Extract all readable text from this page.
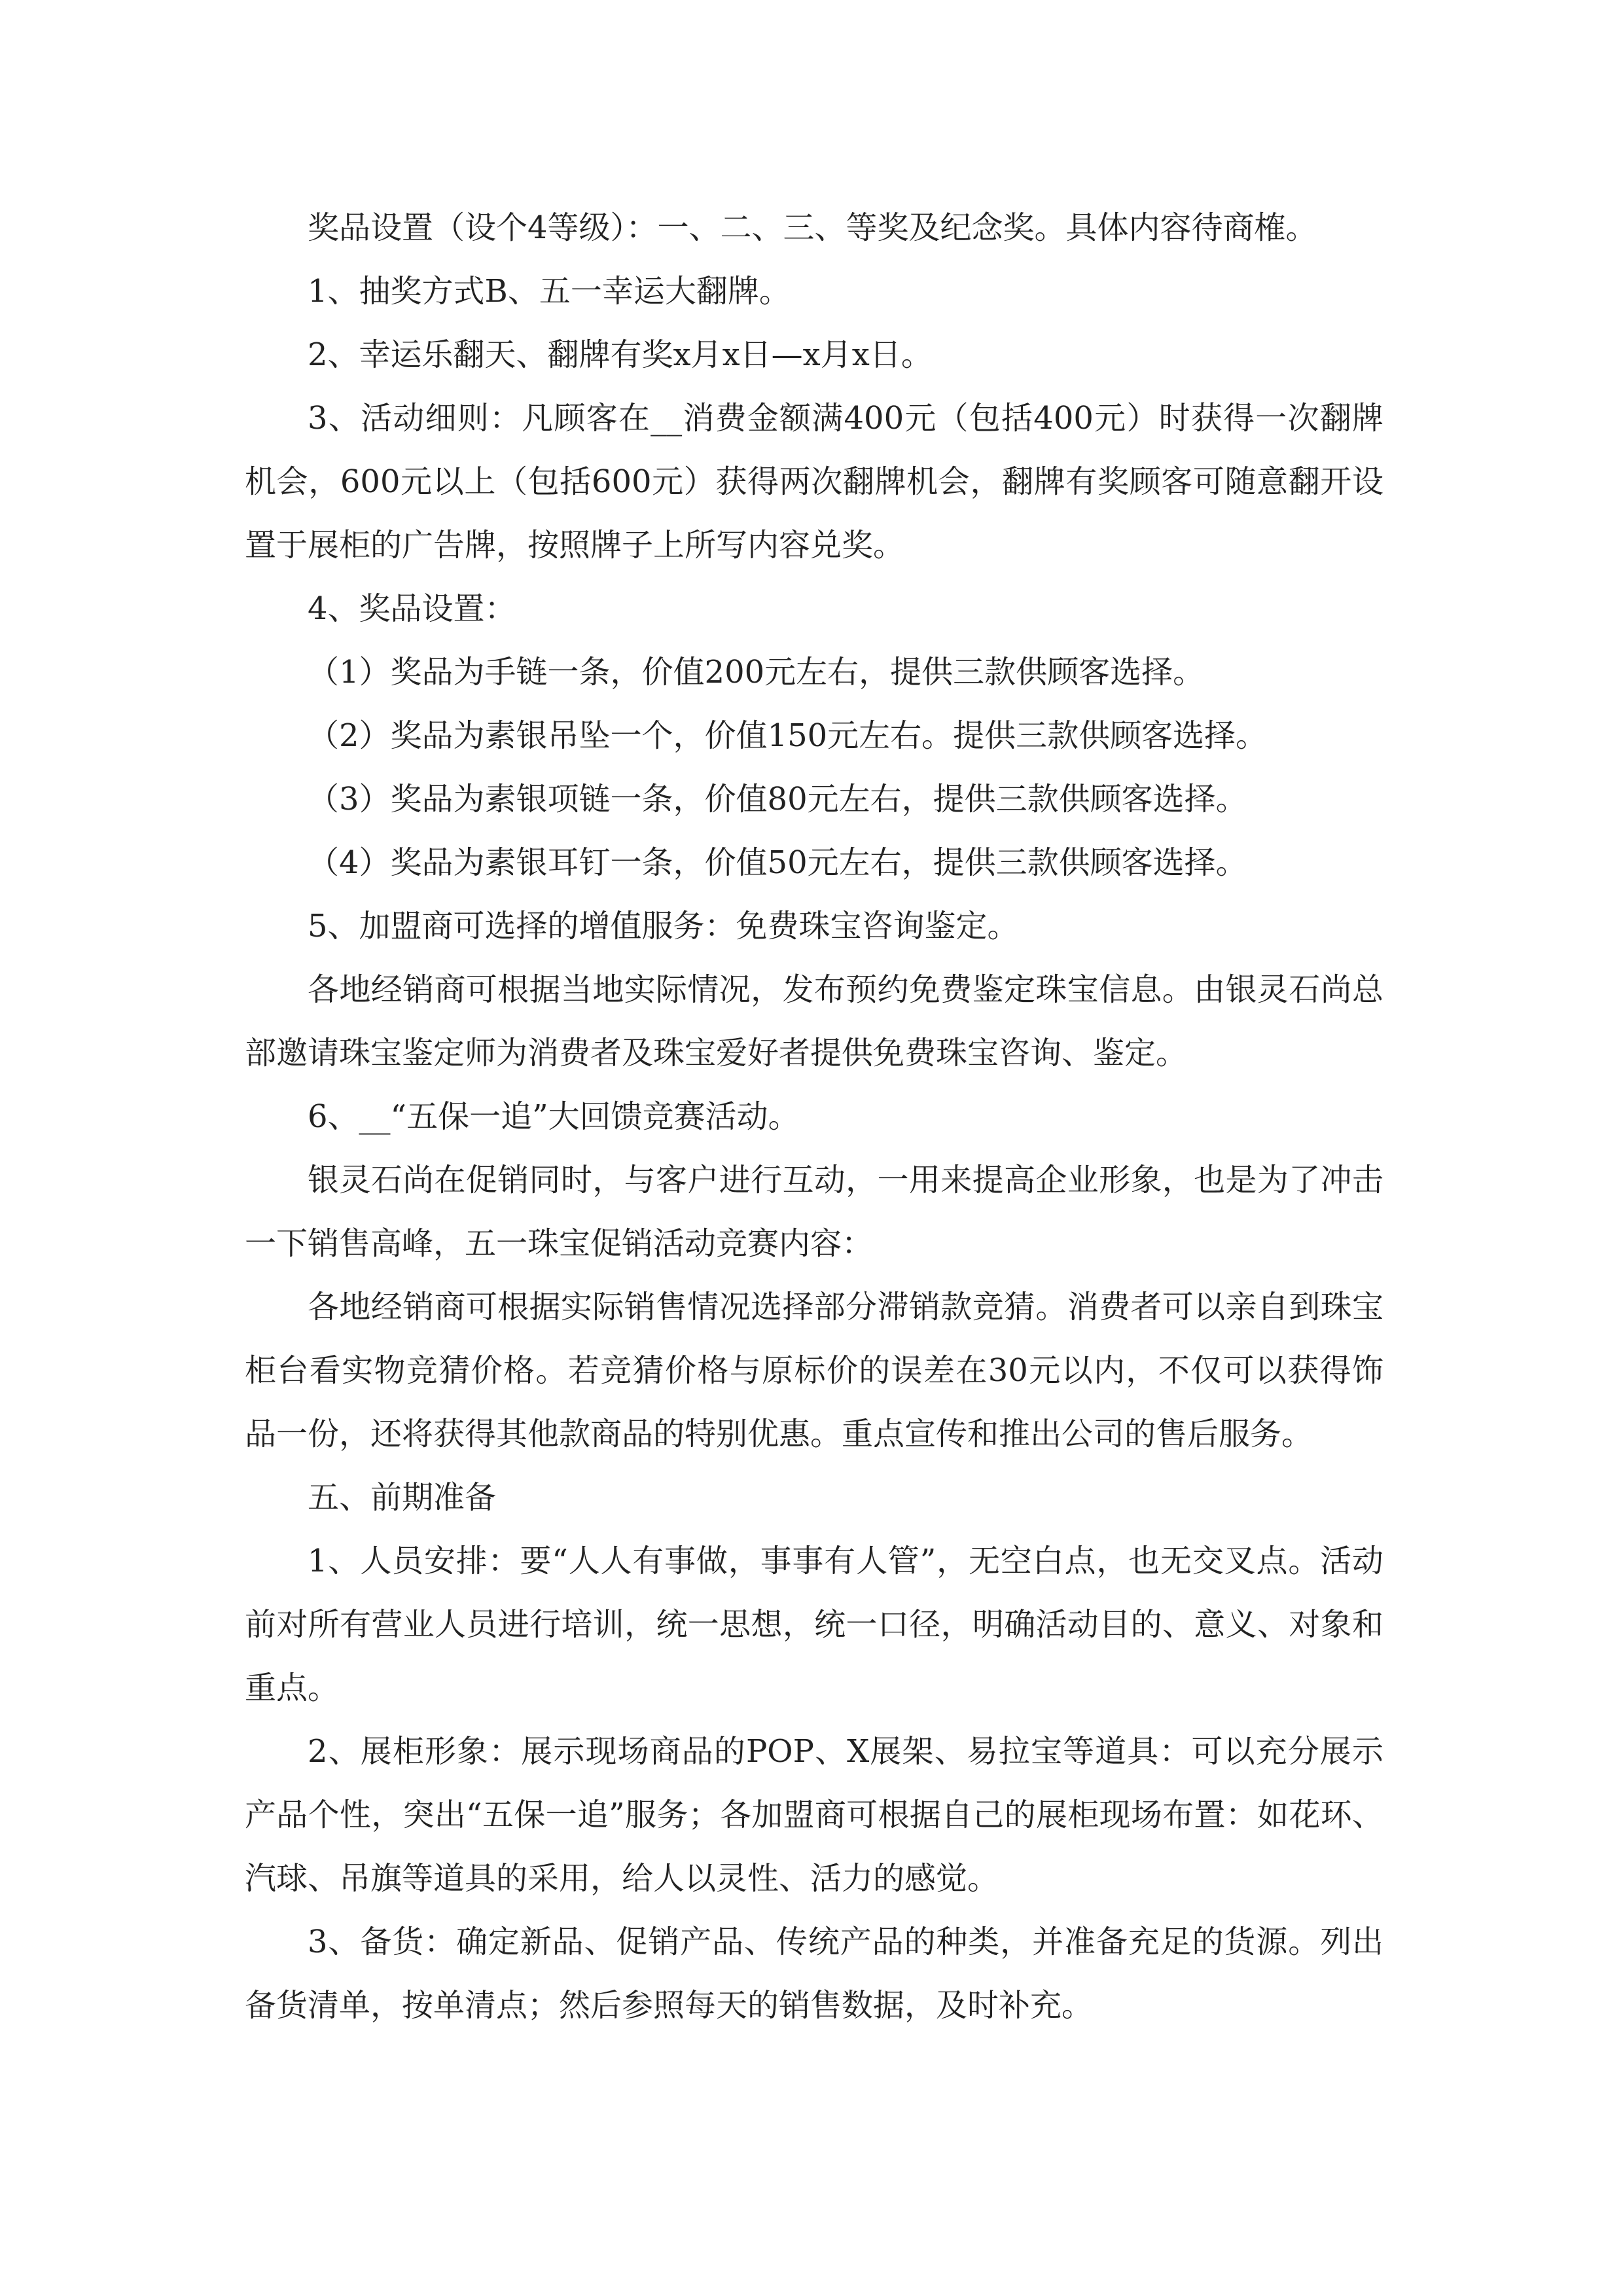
奖品设置（设个4等级）：一、二、三、等奖及纪念奖。具体内容待商榷。

1、抽奖方式B、五一幸运大翻牌。

2、幸运乐翻天、翻牌有奖x月x日—x月x日。

3、活动细则：凡顾客在__消费金额满400元（包括400元）时获得一次翻牌机会，600元以上（包括600元）获得两次翻牌机会，翻牌有奖顾客可随意翻开设置于展柜的广告牌，按照牌子上所写内容兑奖。

4、奖品设置：

（1）奖品为手链一条，价值200元左右，提供三款供顾客选择。

（2）奖品为素银吊坠一个，价值150元左右。提供三款供顾客选择。

（3）奖品为素银项链一条，价值80元左右，提供三款供顾客选择。

（4）奖品为素银耳钉一条，价值50元左右，提供三款供顾客选择。

5、加盟商可选择的增值服务：免费珠宝咨询鉴定。

各地经销商可根据当地实际情况，发布预约免费鉴定珠宝信息。由银灵石尚总部邀请珠宝鉴定师为消费者及珠宝爱好者提供免费珠宝咨询、鉴定。

6、__“五保一追”大回馈竞赛活动。

银灵石尚在促销同时，与客户进行互动，一用来提高企业形象，也是为了冲击一下销售高峰，五一珠宝促销活动竞赛内容：

各地经销商可根据实际销售情况选择部分滞销款竞猜。消费者可以亲自到珠宝柜台看实物竞猜价格。若竞猜价格与原标价的误差在30元以内，不仅可以获得饰品一份，还将获得其他款商品的特别优惠。重点宣传和推出公司的售后服务。

五、前期准备

1、人员安排：要“人人有事做，事事有人管”，无空白点，也无交叉点。活动前对所有营业人员进行培训，统一思想，统一口径，明确活动目的、意义、对象和重点。

2、展柜形象：展示现场商品的POP、X展架、易拉宝等道具：可以充分展示产品个性，突出“五保一追”服务；各加盟商可根据自己的展柜现场布置：如花环、汽球、吊旗等道具的采用，给人以灵性、活力的感觉。

3、备货：确定新品、促销产品、传统产品的种类，并准备充足的货源。列出备货清单，按单清点；然后参照每天的销售数据，及时补充。
